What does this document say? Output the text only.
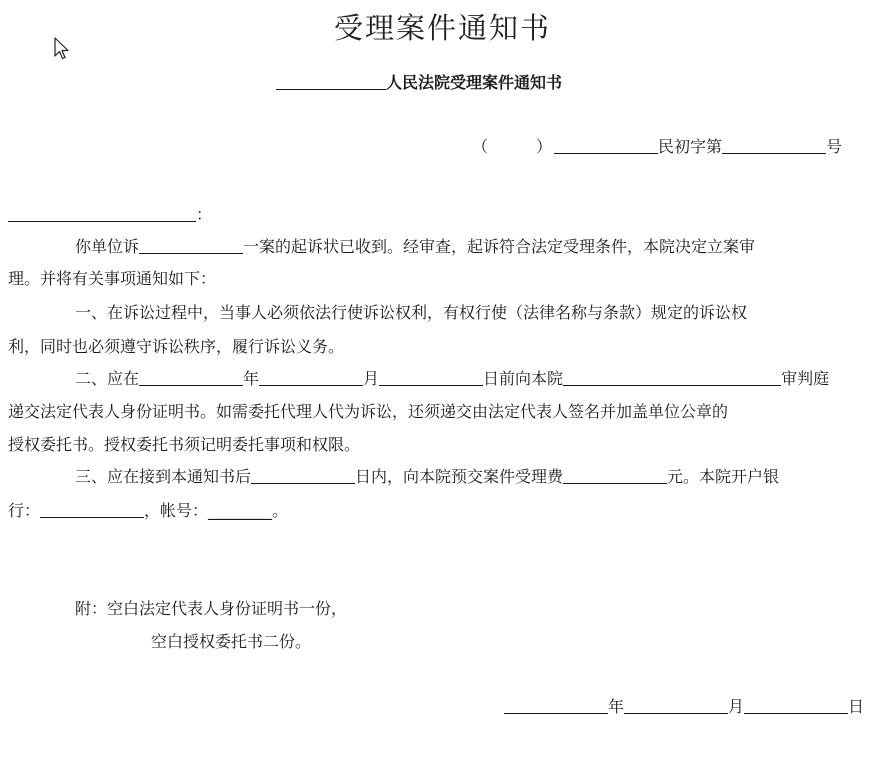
受理案件通知书
人民法院受理案件通知书
（	）	民初字第	号
：
你单位诉	一案的起诉状已收到。经审查，起诉符合法定受理条件，本院决定立案审
理。并将有关事项通知如下：
一、在诉讼过程中，当事人必须依法行使诉讼权利，有权行使（法律名称与条款）规定的诉讼权
利，同时也必须遵守诉讼秩序，履行诉讼义务。
二、应在	年	月	日前向本院	审判庭
递交法定代表人身份证明书。如需委托代理人代为诉讼，还须递交由法定代表人签名并加盖单位公章的
授权委托书。授权委托书须记明委托事项和权限。
三、应在接到本通知书后	日内，向本院预交案件受理费	元。本院开户银
行：	，帐号：________。
附：空白法定代表人身份证明书一份，
空白授权委托书二份。
年	月	日
